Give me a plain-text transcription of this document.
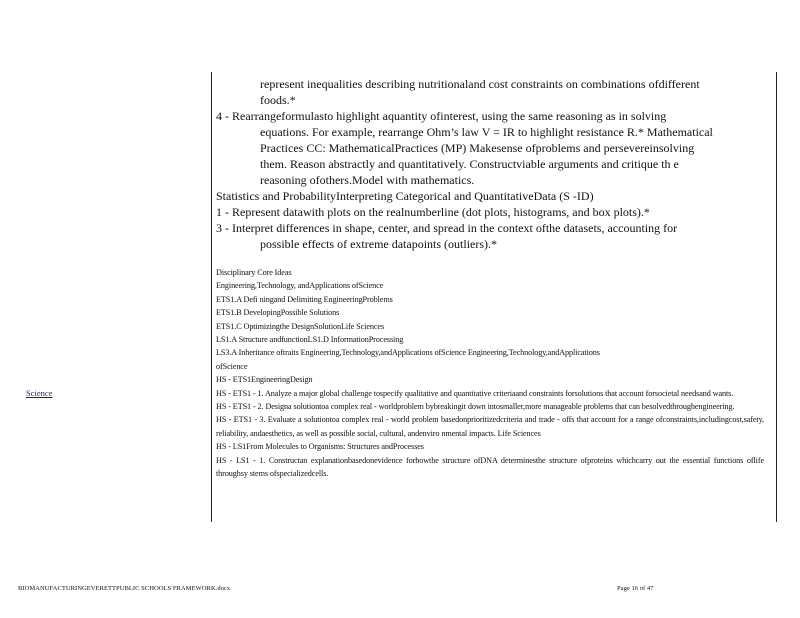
represent inequalities describing nutritionaland cost constraints on combinations ofdifferent

foods.*

4 - Rearrangeformulasto highlight aquantity ofinterest, using the same reasoning as in solving

equations. For example, rearrange Ohm’s law V = IR to highlight resistance R.* Mathematical

Practices CC: MathematicalPractices (MP) Makesense ofproblems and persevereinsolving

them. Reason abstractly and quantitatively. Constructviable arguments and critique th e

reasoning ofothers.Model with mathematics.

Statistics and ProbabilityInterpreting Categorical and QuantitativeData (S -ID)

1 - Represent datawith plots on the realnumberline (dot plots, histograms, and box plots).*

3 - Interpret differences in shape, center, and spread in the context ofthe datasets, accounting for

possible effects of extreme datapoints (outliers).*

Disciplinary Core Ideas

Engineering,Technology, andApplications ofScience

ETS1.A Defi ningand Delimiting EngineeringProblems

ETS1.B DevelopingPossible Solutions

ETS1.C Optimizingthe DesignSolutionLife Sciences

LS1.A Structure andfunctionLS1.D InformationProcessing

LS3.A Inheritance oftraits Engineering,Technology,andApplications ofScience Engineering,Technology,andApplications

ofScience

HS - ETS1EngineeringDesign

HS - ETS1 - 1. Analyze a major global challenge tospecify qualitative and quantitative criteriaand constraints forsolutions that account forsocietal needsand wants.

HS - ETS1 - 2. Designa solutiontoa complex real - worldproblem bybreakingit down intosmaller,more manageable problems that can besolvedthroughengineering.

HS - ETS1 - 3. Evaluate a solutiontoa complex real - world problem basedonprioritizedcriteria and trade - offs that account for a range ofconstraints,includingcost,safety, reliability, andaesthetics, as well as possible social, cultural, andenviro nmental impacts. Life Sciences

HS - LS1From Molecules to Organisms: Structures andProcesses

HS - LS1 - 1. Constructan explanationbasedonevidence forhowthe structure ofDNA determinesthe structure ofproteins whichcarry out the essential functions oflife throughsy stems ofspecializedcells.

Science
BIOMANUFACTURINGEVERETTPUBLIC SCHOOLS FRAMEWORK.docx	Page 16 of 47
